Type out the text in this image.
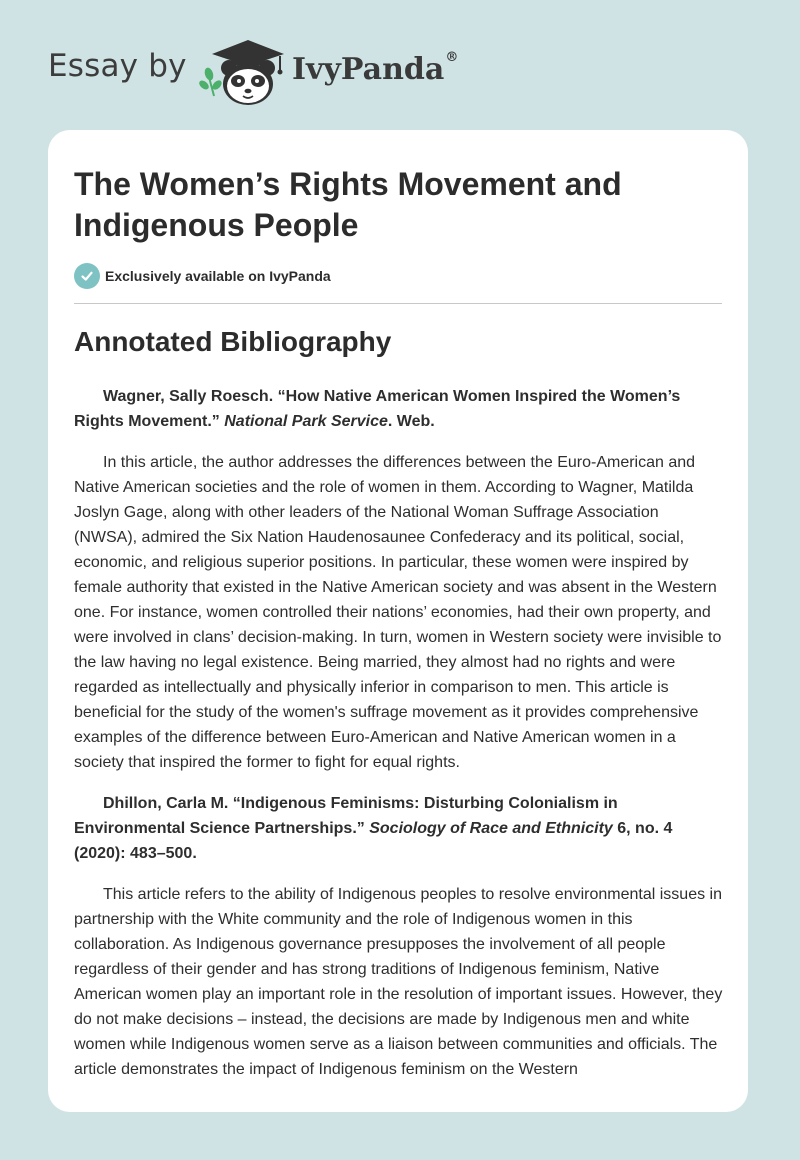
Essay by	IvyPanda®
The Women’s Rights Movement and Indigenous People
Exclusively available on IvyPanda
Annotated Bibliography

Wagner, Sally Roesch. “How Native American Women Inspired the Women’s Rights Movement.” National Park Service. Web.

In this article, the author addresses the differences between the Euro-American and Native American societies and the role of women in them. According to Wagner, Matilda Joslyn Gage, along with other leaders of the National Woman Suffrage Association (NWSA), admired the Six Nation Haudenosaunee Confederacy and its political, social, economic, and religious superior positions. In particular, these women were inspired by female authority that existed in the Native American society and was absent in the Western one. For instance, women controlled their nations’ economies, had their own property, and were involved in clans’ decision-making. In turn, women in Western society were invisible to the law having no legal existence. Being married, they almost had no rights and were regarded as intellectually and physically inferior in comparison to men. This article is beneficial for the study of the women's suffrage movement as it provides comprehensive examples of the difference between Euro-American and Native American women in a society that inspired the former to fight for equal rights.

Dhillon, Carla M. “Indigenous Feminisms: Disturbing Colonialism in Environmental Science Partnerships.” Sociology of Race and Ethnicity 6, no. 4 (2020): 483–500.

This article refers to the ability of Indigenous peoples to resolve environmental issues in partnership with the White community and the role of Indigenous women in this collaboration. As Indigenous governance presupposes the involvement of all people regardless of their gender and has strong traditions of Indigenous feminism, Native American women play an important role in the resolution of important issues. However, they do not make decisions – instead, the decisions are made by Indigenous men and white women while Indigenous women serve as a liaison between communities and officials. The article demonstrates the impact of Indigenous feminism on the Western
